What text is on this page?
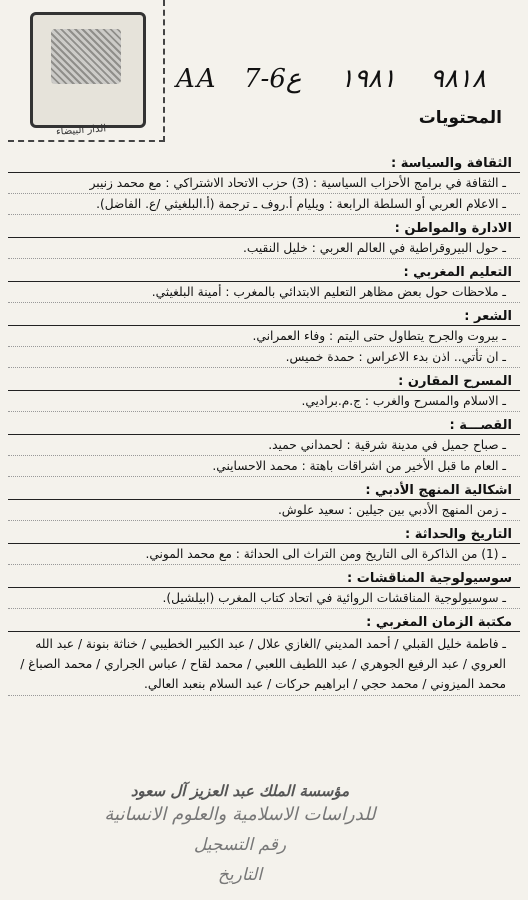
الدار البيضاء
AA 7-6ع ١٩٨١ ٩٨١٨
المحتويات
الثقافة والسياسة :
ـ الثقافة في برامج الأحزاب السياسية : (3) حزب الاتحاد الاشتراكي : مع محمد زنيبر
ـ الاعلام العربي أو السلطة الرابعة : ويليام أ.روف ـ ترجمة (أ.البلغيثي /ع. الفاضل).
الادارة والمواطن :
ـ حول البيروقراطية في العالم العربي : خليل النقيب.
التعليم المغربي :
ـ ملاحظات حول بعض مظاهر التعليم الابتدائي بالمغرب : أمينة البلغيثي.
الشعر :
ـ بيروت والجرح يتطاول حتى اليتم : وفاء العمراني.
ـ ان تأتي.. اذن بدء الاعراس : حمدة خميس.
المسرح المقارن :
ـ الاسلام والمسرح والغرب : ج.م.براديي.
القصـــة :
ـ صباح جميل في مدينة شرقية : لحمداني حميد.
ـ العام ما قبل الأخير من اشراقات باهتة : محمد الاحسايني.
اشكالية المنهج الأدبي :
ـ زمن المنهج الأدبي بين جيلين : سعيد علوش.
التاريخ والحداثة :
ـ (1) من الذاكرة الى التاريخ ومن التراث الى الحداثة : مع محمد الموني.
سوسيولوجية المناقشات :
ـ سوسيولوجية المناقشات الروائية في اتحاد كتاب المغرب (ابيلشيل).
مكتبة الزمان المغربي :
ـ فاطمة خليل القبلي / أحمد المديني /الغازي علال / عبد الكبير الخطيبي / خناثة بنونة / عبد الله العروي / عبد الرفيع الجوهري / عبد اللطيف اللعبي / محمد لقاح / عباس الجراري / محمد الصباغ / محمد الميزوني / محمد حجي / ابراهيم حركات / عبد السلام بنعبد العالي.
مؤسسة الملك عبد العزيز آل سعود
للدراسات الاسلامية والعلوم الانسانية
رقم التسجيل
التاريخ
